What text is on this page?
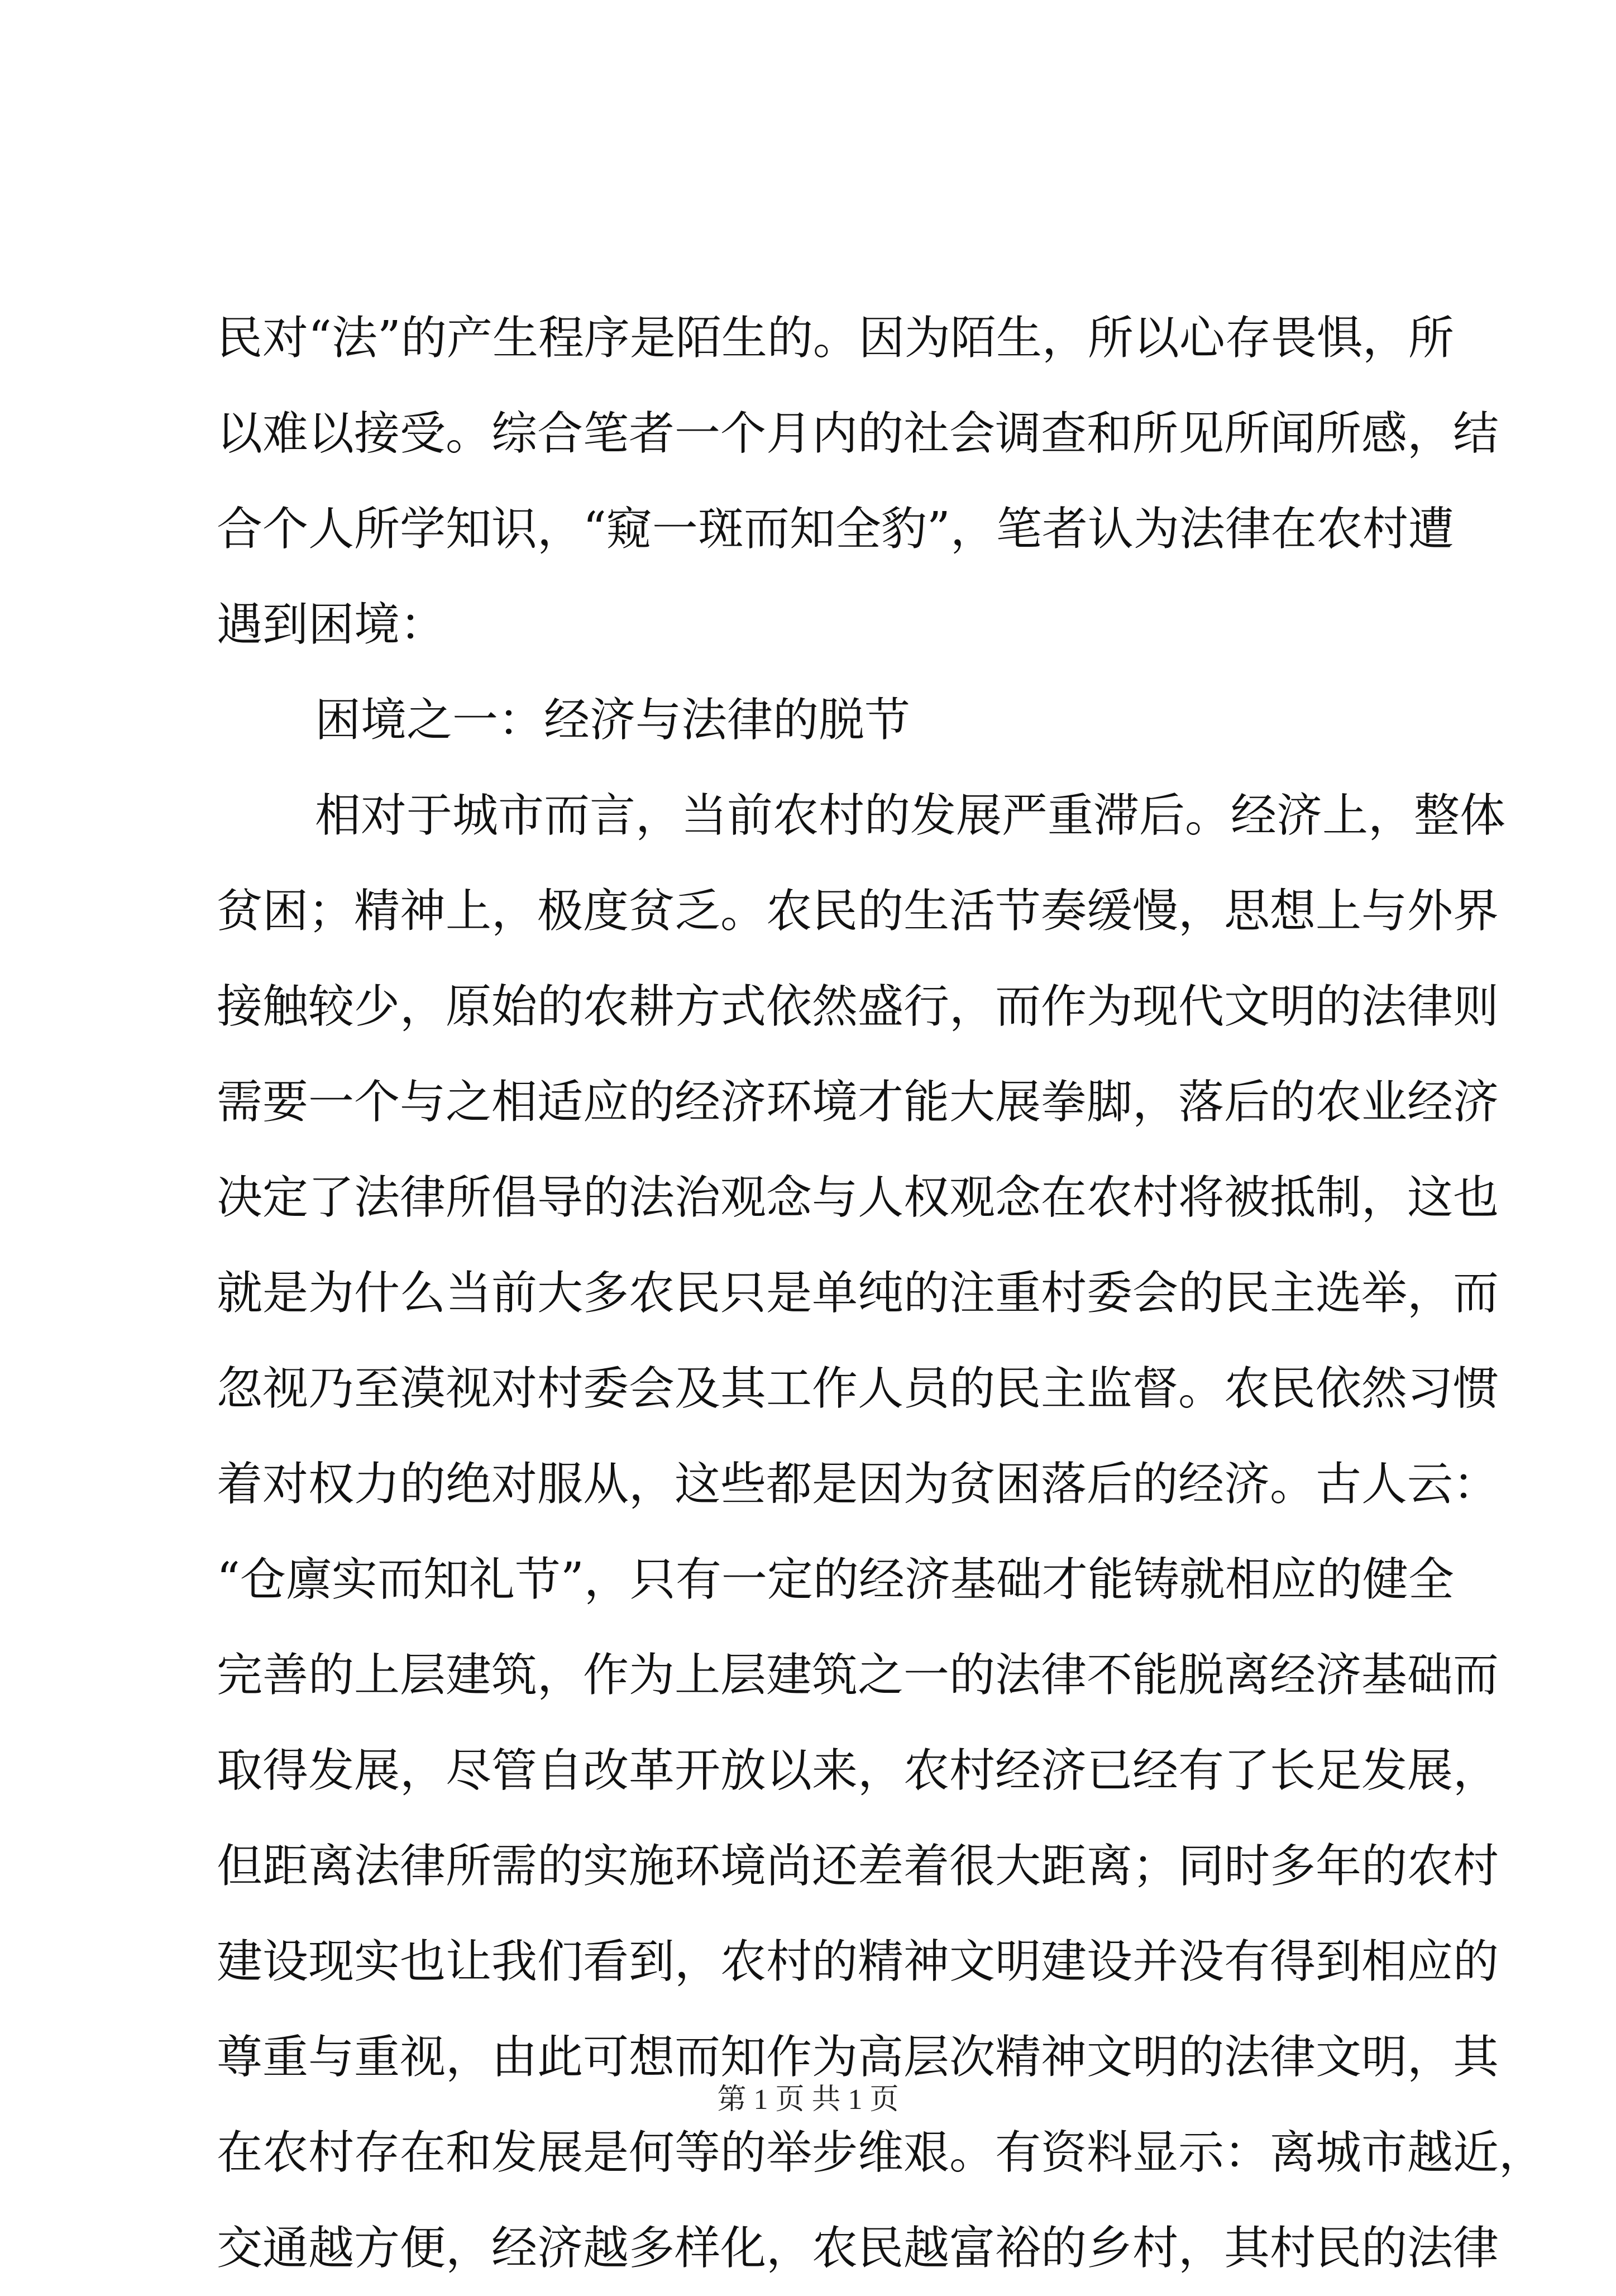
民对“法”的产生程序是陌生的。因为陌生，所以心存畏惧，所
以难以接受。综合笔者一个月内的社会调查和所见所闻所感，结
合个人所学知识，“窥一斑而知全豹”，笔者认为法律在农村遭
遇到困境：
困境之一：经济与法律的脱节
相对于城市而言，当前农村的发展严重滞后。经济上，整体
贫困；精神上，极度贫乏。农民的生活节奏缓慢，思想上与外界
接触较少，原始的农耕方式依然盛行，而作为现代文明的法律则
需要一个与之相适应的经济环境才能大展拳脚，落后的农业经济
决定了法律所倡导的法治观念与人权观念在农村将被抵制，这也
就是为什么当前大多农民只是单纯的注重村委会的民主选举，而
忽视乃至漠视对村委会及其工作人员的民主监督。农民依然习惯
着对权力的绝对服从，这些都是因为贫困落后的经济。古人云：
“仓廪实而知礼节”，只有一定的经济基础才能铸就相应的健全
完善的上层建筑，作为上层建筑之一的法律不能脱离经济基础而
取得发展，尽管自改革开放以来，农村经济已经有了长足发展，
但距离法律所需的实施环境尚还差着很大距离；同时多年的农村
建设现实也让我们看到，农村的精神文明建设并没有得到相应的
尊重与重视，由此可想而知作为高层次精神文明的法律文明，其
在农村存在和发展是何等的举步维艰。有资料显示：离城市越近，
交通越方便，经济越多样化，农民越富裕的乡村，其村民的法律
第 1 页 共 1 页
